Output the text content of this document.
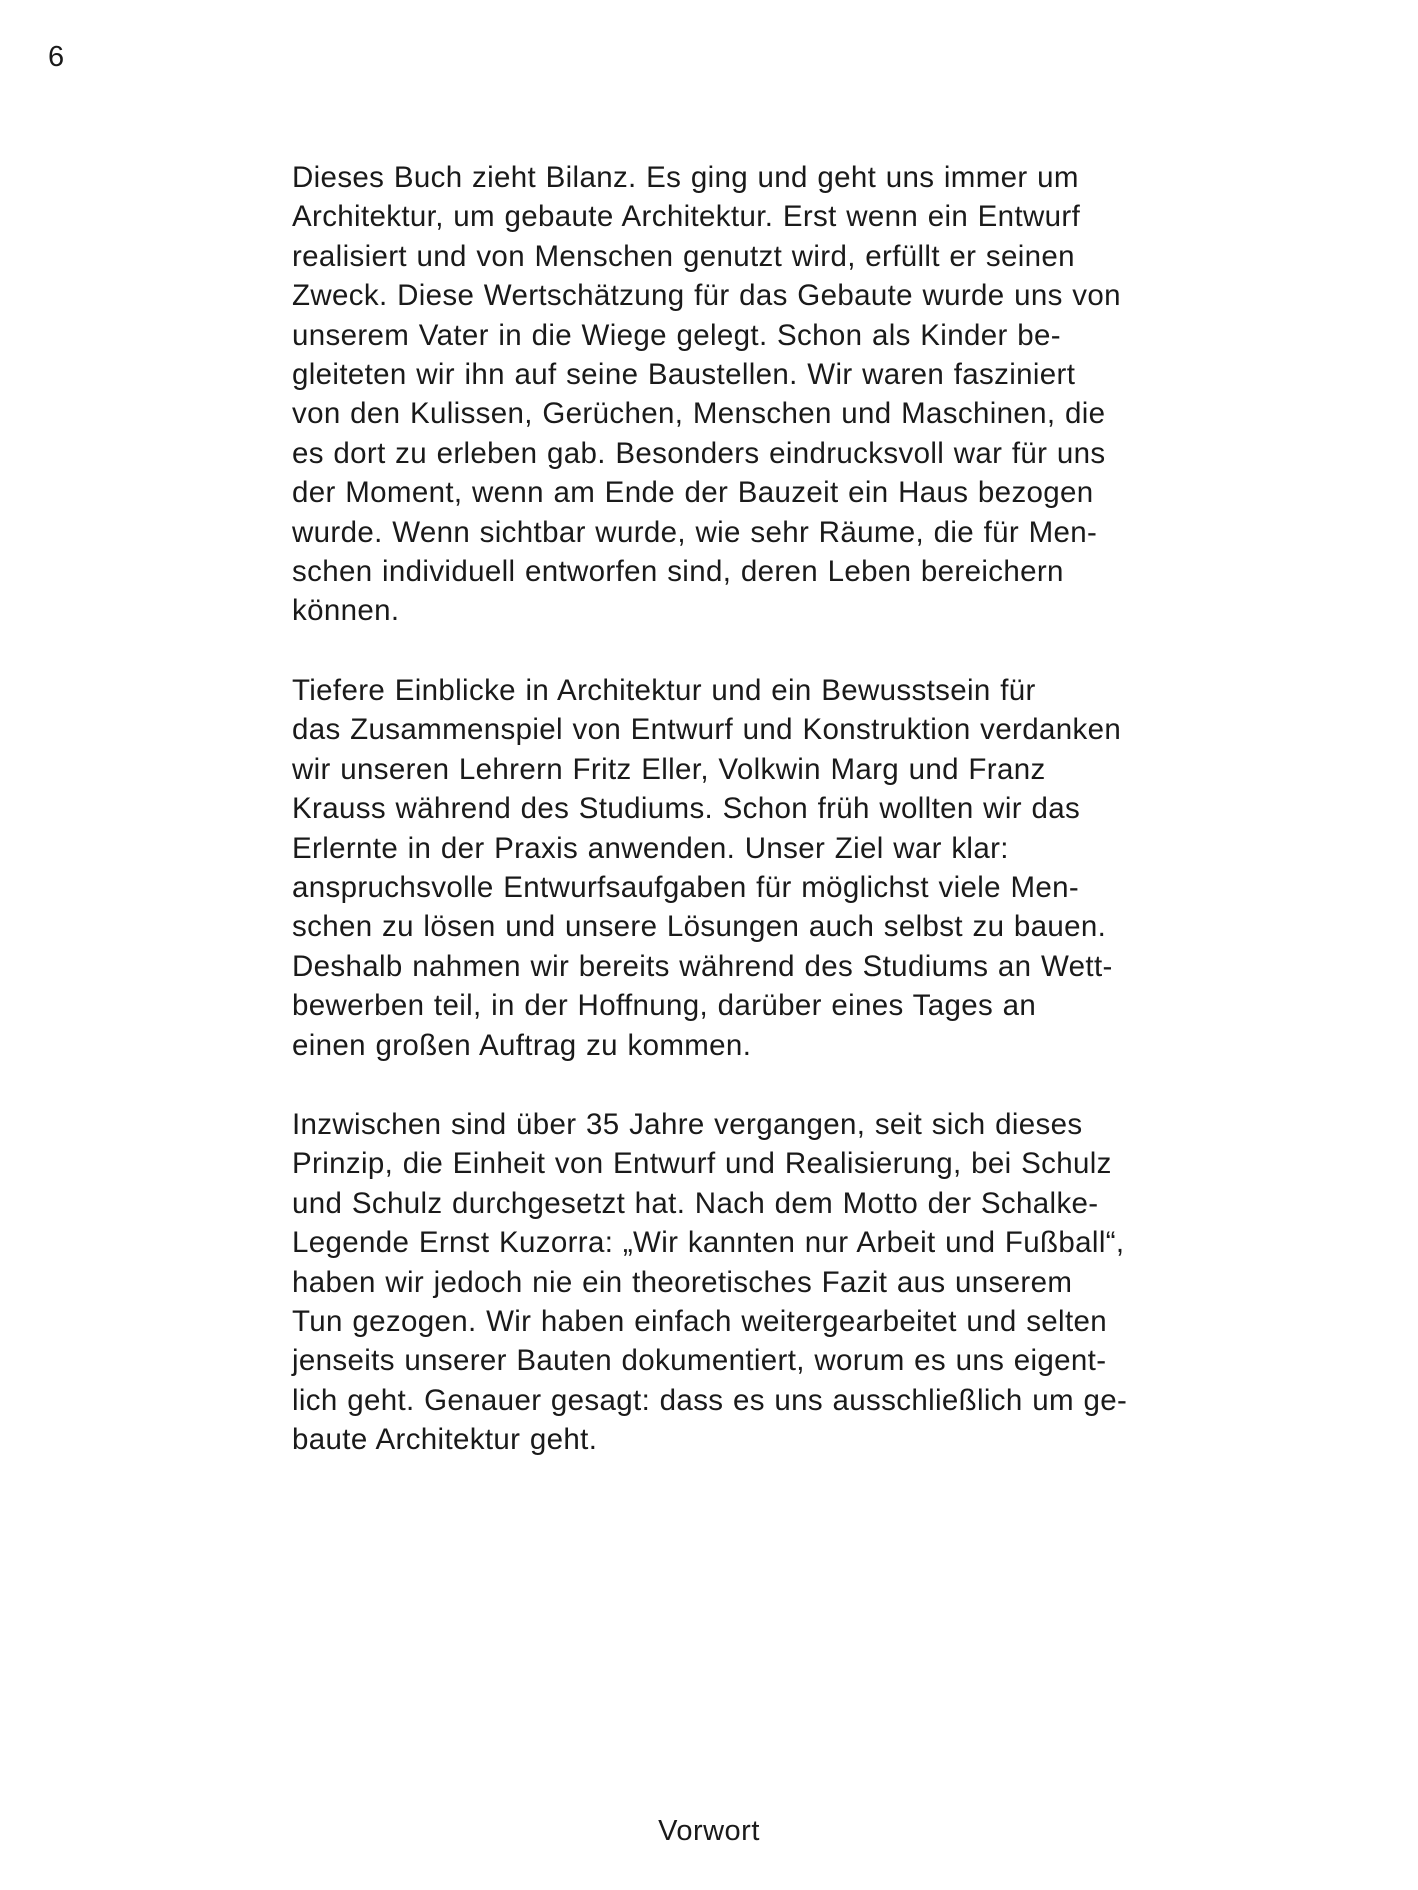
6

Dieses Buch zieht Bilanz. Es ging und geht uns immer um
Architektur, um gebaute Architektur. Erst wenn ein Entwurf
realisiert und von Menschen genutzt wird, erfüllt er seinen
Zweck. Diese Wertschätzung für das Gebaute wurde uns von
unserem Vater in die Wiege gelegt. Schon als Kinder be-
gleiteten wir ihn auf seine Baustellen. Wir waren fasziniert
von den Kulissen, Gerüchen, Menschen und Maschinen, die
es dort zu erleben gab. Besonders eindrucksvoll war für uns
der Moment, wenn am Ende der Bauzeit ein Haus bezogen
wurde. Wenn sichtbar wurde, wie sehr Räume, die für Men-
schen individuell entworfen sind, deren Leben bereichern
können.

Tiefere Einblicke in Architektur und ein Bewusstsein für
das Zusammenspiel von Entwurf und Konstruktion verdanken
wir unseren Lehrern Fritz Eller, Volkwin Marg und Franz
Krauss während des Studiums. Schon früh wollten wir das
Erlernte in der Praxis anwenden. Unser Ziel war klar:
anspruchsvolle Entwurfsaufgaben für möglichst viele Men-
schen zu lösen und unsere Lösungen auch selbst zu bauen.
Deshalb nahmen wir bereits während des Studiums an Wett-
bewerben teil, in der Hoffnung, darüber eines Tages an
einen großen Auftrag zu kommen.

Inzwischen sind über 35 Jahre vergangen, seit sich dieses
Prinzip, die Einheit von Entwurf und Realisierung, bei Schulz
und Schulz durchgesetzt hat. Nach dem Motto der Schalke-
Legende Ernst Kuzorra: „Wir kannten nur Arbeit und Fußball“,
haben wir jedoch nie ein theoretisches Fazit aus unserem
Tun gezogen. Wir haben einfach weitergearbeitet und selten
jenseits unserer Bauten dokumentiert, worum es uns eigent-
lich geht. Genauer gesagt: dass es uns ausschließlich um ge-
baute Architektur geht.

Vorwort
